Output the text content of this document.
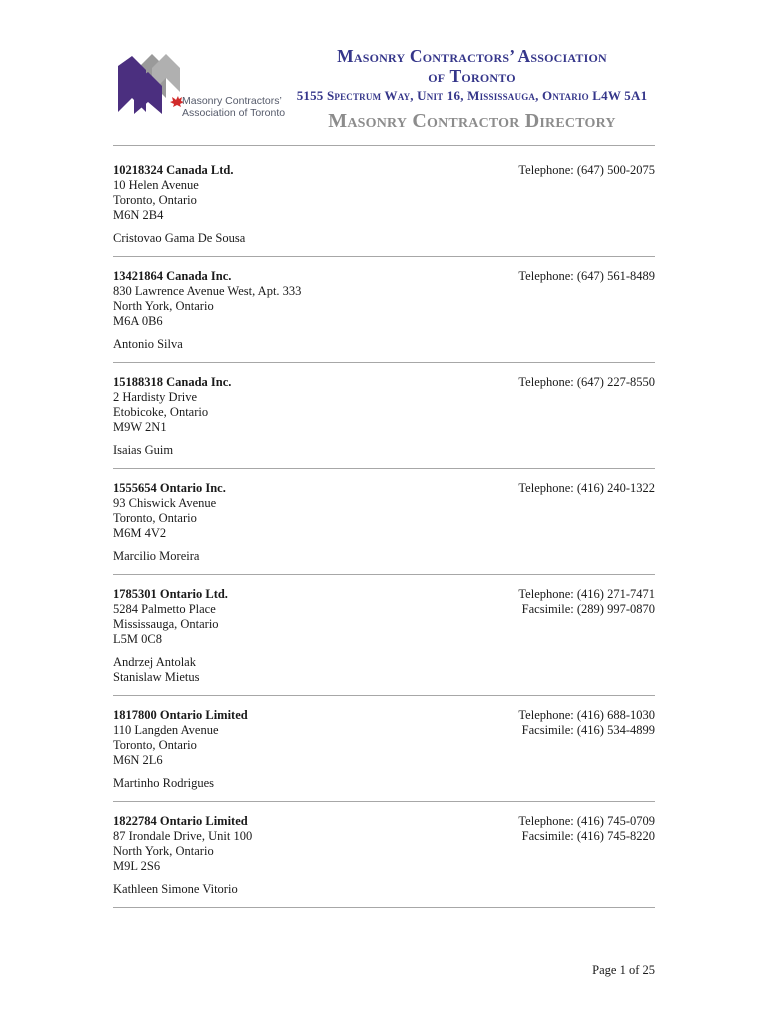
Masonry Contractors’
Association of Toronto
Masonry Contractors’ Association
of Toronto
5155 Spectrum Way, Unit 16, Mississauga, Ontario L4W 5A1
Masonry Contractor Directory
10218324 Canada Ltd.
10 Helen Avenue
Toronto, Ontario
M6N 2B4
Cristovao Gama De Sousa
Telephone: (647) 500-2075
13421864 Canada Inc.
830 Lawrence Avenue West, Apt. 333
North York, Ontario
M6A 0B6
Antonio Silva
Telephone: (647) 561-8489
15188318 Canada Inc.
2 Hardisty Drive
Etobicoke, Ontario
M9W 2N1
Isaias Guim
Telephone: (647) 227-8550
1555654 Ontario Inc.
93 Chiswick Avenue
Toronto, Ontario
M6M 4V2
Marcilio Moreira
Telephone: (416) 240-1322
1785301 Ontario Ltd.
5284 Palmetto Place
Mississauga, Ontario
L5M 0C8
Andrzej Antolak
Stanislaw Mietus
Telephone: (416) 271-7471
Facsimile: (289) 997-0870
1817800 Ontario Limited
110 Langden Avenue
Toronto, Ontario
M6N 2L6
Martinho Rodrigues
Telephone: (416) 688-1030
Facsimile: (416) 534-4899
1822784 Ontario Limited
87 Irondale Drive, Unit 100
North York, Ontario
M9L 2S6
Kathleen Simone Vitorio
Telephone: (416) 745-0709
Facsimile: (416) 745-8220
Page 1 of 25
